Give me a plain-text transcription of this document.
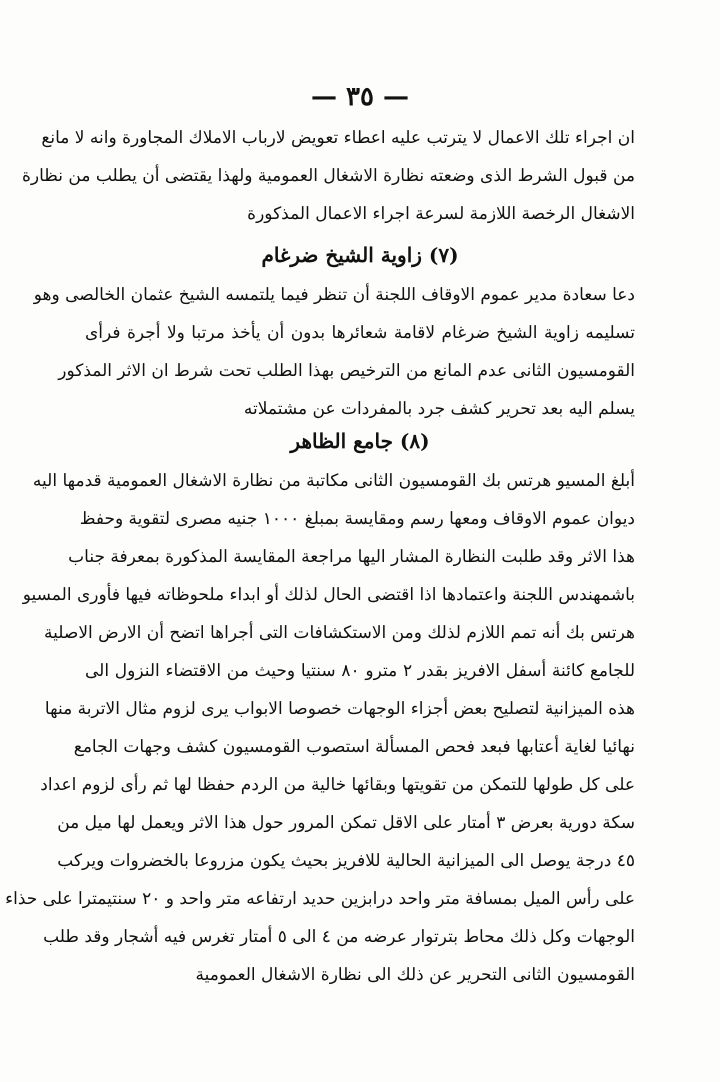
— ٣٥ —
ان اجراء تلك الاعمال لا يترتب عليه اعطاء تعويض لارباب الاملاك المجاورة وانه لا مانع
من قبول الشرط الذى وضعته نظارة الاشغال العمومية ولهذا يقتضى أن يطلب من نظارة
الاشغال الرخصة اللازمة لسرعة اجراء الاعمال المذكورة
(٧) زاوية الشيخ ضرغام
دعا سعادة مدير عموم الاوقاف اللجنة أن تنظر فيما يلتمسه الشيخ عثمان الخالصى وهو
تسليمه زاوية الشيخ ضرغام لاقامة شعائرها بدون أن يأخذ مرتبا ولا أجرة فرأى
القومسيون الثانى عدم المانع من الترخيص بهذا الطلب تحت شرط ان الاثر المذكور
يسلم اليه بعد تحرير كشف جرد بالمفردات عن مشتملاته
(٨) جامع الظاهر
أبلغ المسيو هرتس بك القومسيون الثانى مكاتبة من نظارة الاشغال العمومية قدمها اليه
ديوان عموم الاوقاف ومعها رسم ومقايسة بمبلغ ١٠٠٠ جنيه مصرى لتقوية وحفظ
هذا الاثر وقد طلبت النظارة المشار اليها مراجعة المقايسة المذكورة بمعرفة جناب
باشمهندس اللجنة واعتمادها اذا اقتضى الحال لذلك أو ابداء ملحوظاته فيها فأورى المسيو
هرتس بك أنه تمم اللازم لذلك ومن الاستكشافات التى أجراها اتضح أن الارض الاصلية
للجامع كائنة أسفل الافريز بقدر ٢ مترو ٨٠ سنتيا وحيث من الاقتضاء النزول الى
هذه الميزانية لتصليح بعض أجزاء الوجهات خصوصا الابواب يرى لزوم مثال الاتربة منها
نهائيا لغاية أعتابها فبعد فحص المسألة استصوب القومسيون كشف وجهات الجامع
على كل طولها للتمكن من تقويتها وبقائها خالية من الردم حفظا لها ثم رأى لزوم اعداد
سكة دورية بعرض ٣ أمتار على الاقل تمكن المرور حول هذا الاثر ويعمل لها ميل من
٤٥ درجة يوصل الى الميزانية الحالية للافريز بحيث يكون مزروعا بالخضروات ويركب
على رأس الميل بمسافة متر واحد درابزين حديد ارتفاعه متر واحد و ٢٠ سنتيمترا على حذاء
الوجهات وكل ذلك محاط بترتوار عرضه من ٤ الى ٥ أمتار تغرس فيه أشجار وقد طلب
القومسيون الثانى التحرير عن ذلك الى نظارة الاشغال العمومية
